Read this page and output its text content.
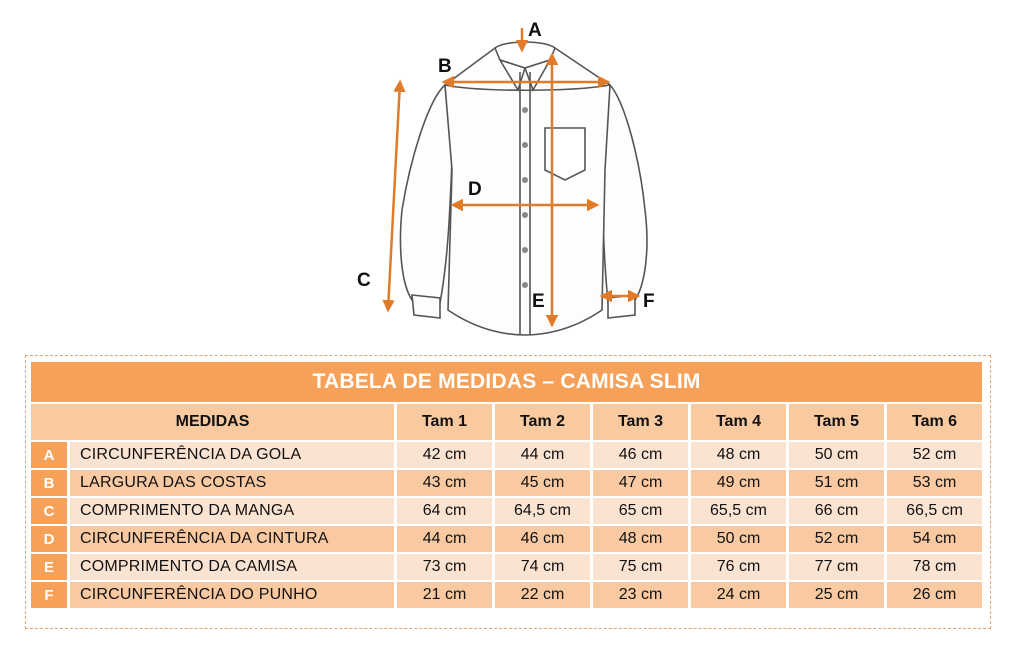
A
B
C
D
E	F
TABELA DE MEDIDAS – CAMISA SLIM							
MEDIDAS		Tam 1	Tam 2	Tam 3	Tam 4	Tam 5	Tam 6
A	CIRCUNFERÊNCIA DA GOLA	42 cm	44 cm	46 cm	48 cm	50 cm	52 cm
B	LARGURA DAS COSTAS	43 cm	45 cm	47 cm	49 cm	51 cm	53 cm
C	COMPRIMENTO DA MANGA	64 cm	64,5 cm	65 cm	65,5 cm	66 cm	66,5 cm
D	CIRCUNFERÊNCIA DA CINTURA	44 cm	46 cm	48 cm	50 cm	52 cm	54 cm
E	COMPRIMENTO DA CAMISA	73 cm	74 cm	75 cm	76 cm	77 cm	78 cm
F	CIRCUNFERÊNCIA DO PUNHO	21 cm	22 cm	23 cm	24 cm	25 cm	26 cm
